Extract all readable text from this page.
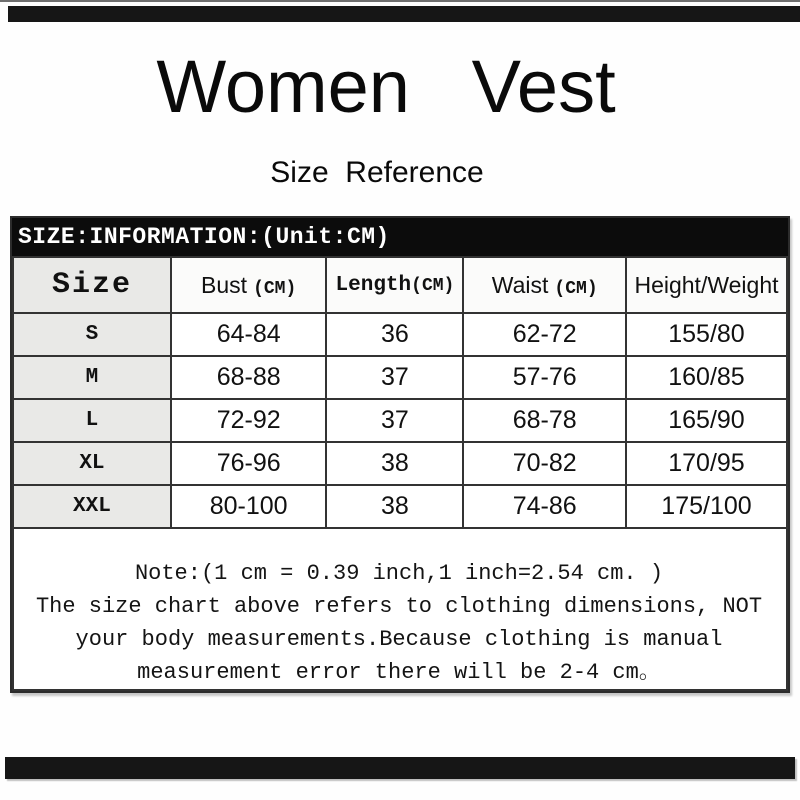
Women   Vest
Size  Reference
SIZE:INFORMATION:(Unit:CM)
Size	Bust (CM)	Length(CM)	Waist (CM)	Height/Weight
S	64-84	36	62-72	155/80
M	68-88	37	57-76	160/85
L	72-92	37	68-78	165/90
XL	76-96	38	70-82	170/95
XXL	80-100	38	74-86	175/100

Note:(1 cm = 0.39 inch,1 inch=2.54 cm. )
The size chart above refers to clothing dimensions, NOT
your body measurements.Because clothing is manual
measurement error there will be 2-4 cm。				
